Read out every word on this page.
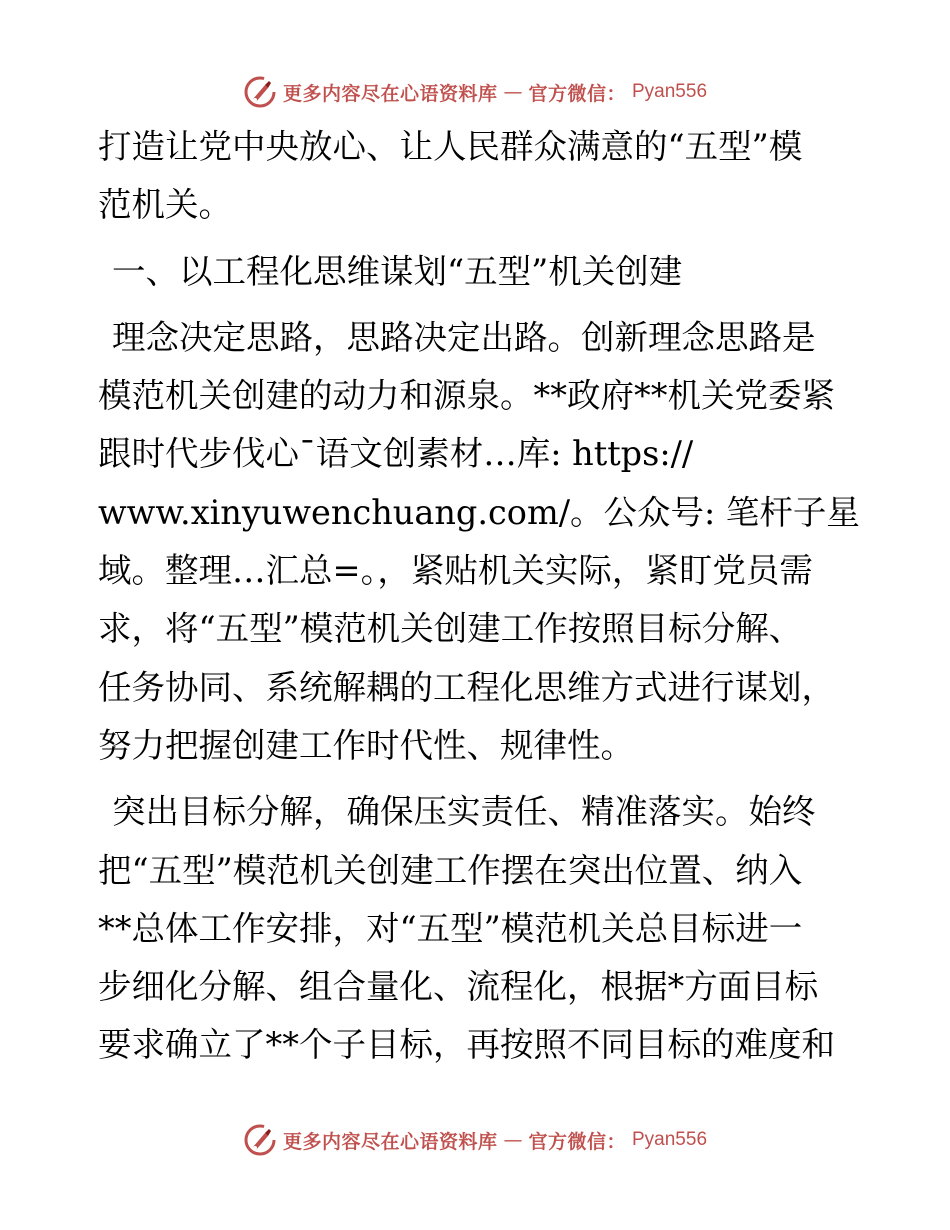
更多内容尽在心语资料库 — 官方微信： Pyan556
打造让党中央放心、让人民群众满意的“五型”模
范机关。
一、以工程化思维谋划“五型”机关创建
理念决定思路，思路决定出路。创新理念思路是
模范机关创建的动力和源泉。**政府**机关党委紧
跟时代步伐心¯语文创素材…库: https://
www.xinyuwenchuang.com/。公众号: 笔杆子星
域。整理…汇总=。，紧贴机关实际，紧盯党员需
求，将“五型”模范机关创建工作按照目标分解、
任务协同、系统解耦的工程化思维方式进行谋划，
努力把握创建工作时代性、规律性。
突出目标分解，确保压实责任、精准落实。始终
把“五型”模范机关创建工作摆在突出位置、纳入
**总体工作安排，对“五型”模范机关总目标进一
步细化分解、组合量化、流程化，根据*方面目标
要求确立了**个子目标，再按照不同目标的难度和
更多内容尽在心语资料库 — 官方微信： Pyan556
